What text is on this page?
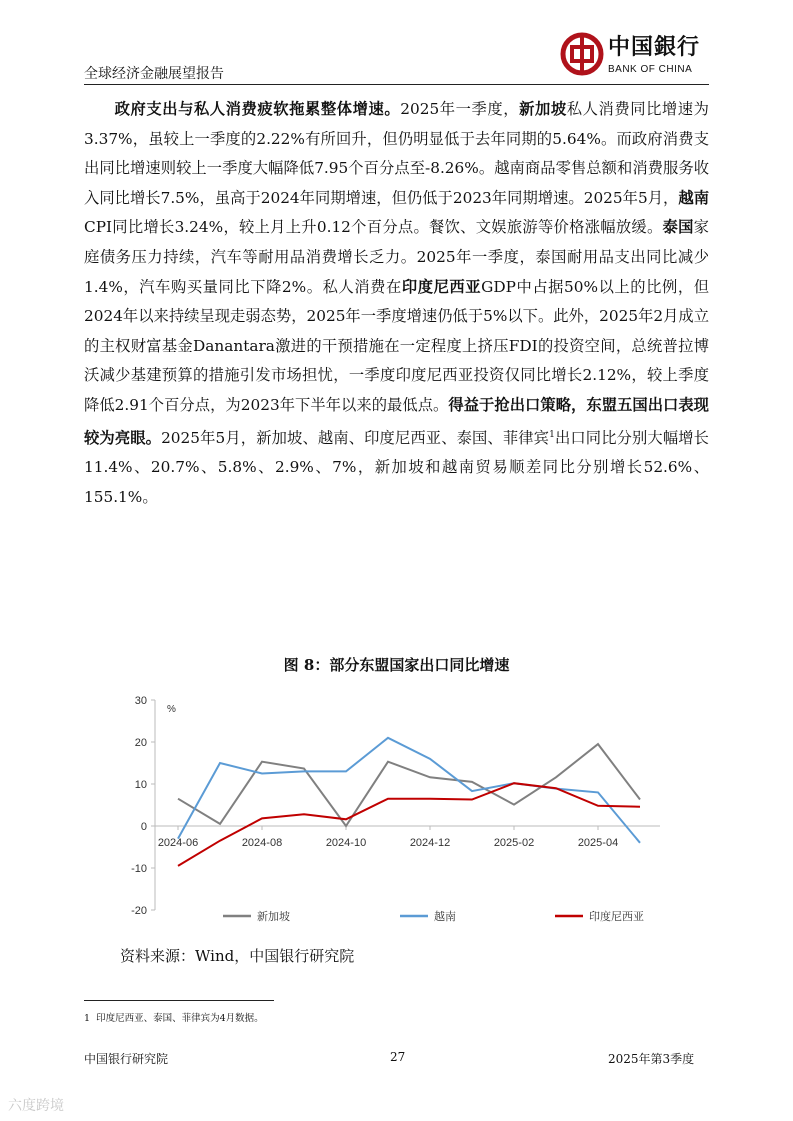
全球经济金融展望报告
中国銀行
BANK OF CHINA
政府支出与私人消费疲软拖累整体增速。2025年一季度，新加坡私人消费同比增速为3.37%，虽较上一季度的2.22%有所回升，但仍明显低于去年同期的5.64%。而政府消费支出同比增速则较上一季度大幅降低7.95个百分点至-8.26%。越南商品零售总额和消费服务收入同比增长7.5%，虽高于2024年同期增速，但仍低于2023年同期增速。2025年5月，越南CPI同比增长3.24%，较上月上升0.12个百分点。餐饮、文娱旅游等价格涨幅放缓。泰国家庭债务压力持续，汽车等耐用品消费增长乏力。2025年一季度，泰国耐用品支出同比减少1.4%，汽车购买量同比下降2%。私人消费在印度尼西亚GDP中占据50%以上的比例，但2024年以来持续呈现走弱态势，2025年一季度增速仍低于5%以下。此外，2025年2月成立的主权财富基金Danantara激进的干预措施在一定程度上挤压FDI的投资空间，总统普拉博沃减少基建预算的措施引发市场担忧，一季度印度尼西亚投资仅同比增长2.12%，较上季度降低2.91个百分点，为2023年下半年以来的最低点。得益于抢出口策略，东盟五国出口表现较为亮眼。2025年5月，新加坡、越南、印度尼西亚、泰国、菲律宾$^1$出口同比分别大幅增长11.4%、20.7%、5.8%、2.9%、7%，新加坡和越南贸易顺差同比分别增长52.6%、155.1%。
图 8：部分东盟国家出口同比增速
-20
-10
0
10
20
30
%
2024-06	2024-08	2024-10	2024-12	2025-02	2025-04
新加坡	越南	印度尼西亚
资料来源：Wind，中国银行研究院
1 印度尼西亚、泰国、菲律宾为4月数据。
中国银行研究院	27	2025年第3季度
六度跨境
